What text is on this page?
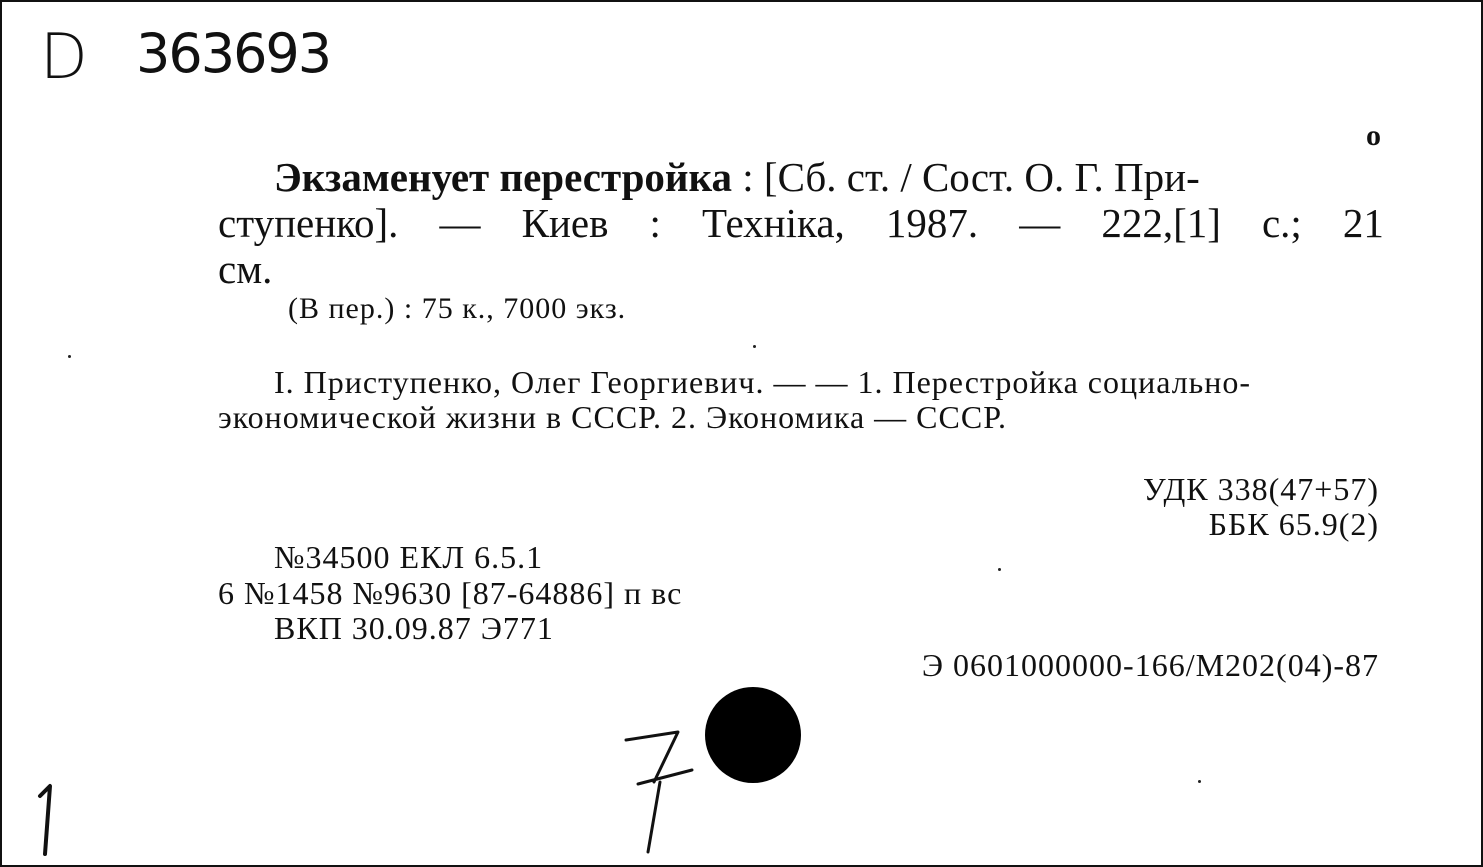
D 363693
o
Экзаменует перестройка : [Сб. ст. / Сост. О. Г. При-
ступенко]. — Киев : Техніка, 1987. — 222,[1] с.; 21
см.
(В пер.) : 75 к., 7000 экз.
I. Приступенко, Олег Георгиевич. — — 1. Перестройка социально-
экономической жизни в СССР. 2. Экономика — СССР.
УДК 338(47+57)
ББК 65.9(2)
№34500 ЕКЛ 6.5.1
6 №1458 №9630 [87-64886] п вс
ВКП 30.09.87 Э771
Э 0601000000-166/М202(04)-87
